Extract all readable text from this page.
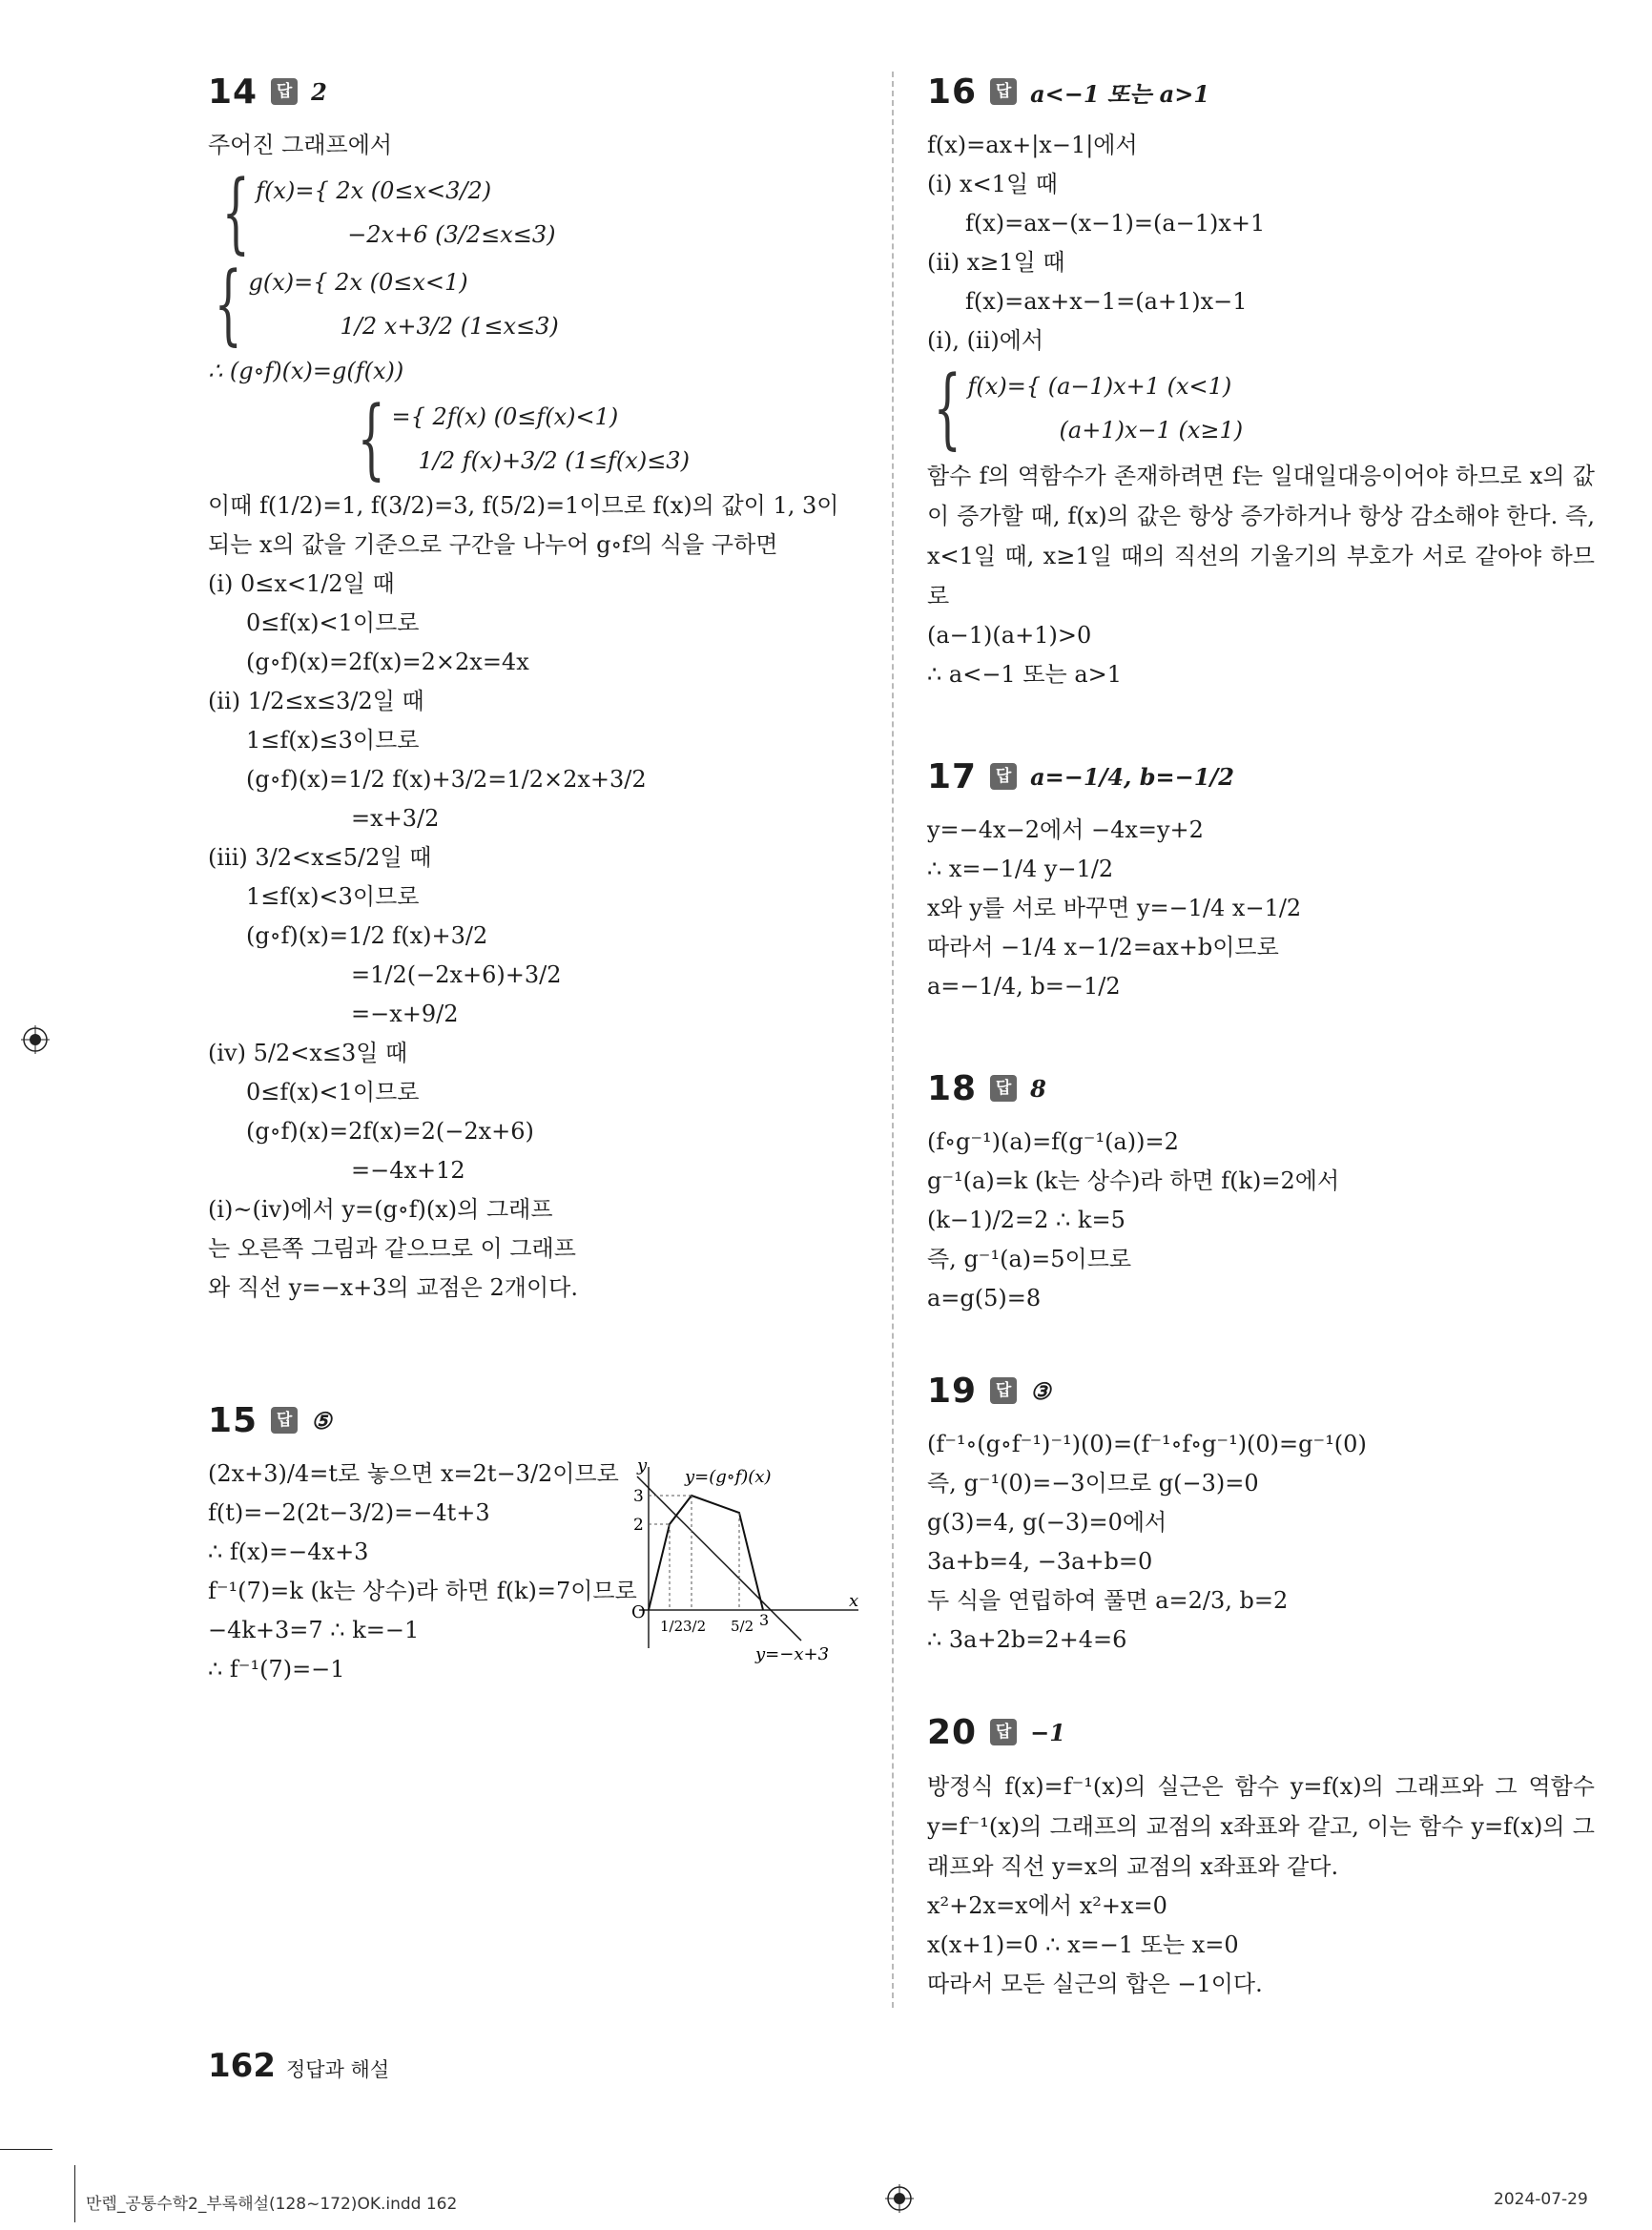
14	답 2
주어진 그래프에서

{ f(x)={ 2x (0≤x<3/2)
−2x+6 (3/2≤x≤3)
{ g(x)={ 2x (0≤x<1)
1/2 x+3/2 (1≤x≤3)
∴ (g∘f)(x)=g(f(x))
{ ={ 2f(x) (0≤f(x)<1)
1/2 f(x)+3/2 (1≤f(x)≤3)
이때 f(1/2)=1, f(3/2)=3, f(5/2)=1이므로 f(x)의 값이 1, 3이
되는 x의 값을 기준으로 구간을 나누어 g∘f의 식을 구하면
(ⅰ) 0≤x<1/2일 때
0≤f(x)<1이므로
(g∘f)(x)=2f(x)=2×2x=4x
(ⅱ) 1/2≤x≤3/2일 때
1≤f(x)≤3이므로
(g∘f)(x)=1/2 f(x)+3/2=1/2×2x+3/2
=x+3/2
(ⅲ) 3/2<x≤5/2일 때
1≤f(x)<3이므로
(g∘f)(x)=1/2 f(x)+3/2
=1/2(−2x+6)+3/2
=−x+9/2
(ⅳ) 5/2<x≤3일 때
0≤f(x)<1이므로
(g∘f)(x)=2f(x)=2(−2x+6)
=−4x+12
(ⅰ)~(ⅳ)에서 y=(g∘f)(x)의 그래프
는 오른쪽 그림과 같으므로 이 그래프
와 직선 y=−x+3의 교점은 2개이다.
15	답 ⑤
(2x+3)/4=t로 놓으면 x=2t−3/2이므로
f(t)=−2(2t−3/2)=−4t+3
∴ f(x)=−4x+3
f⁻¹(7)=k (k는 상수)라 하면 f(k)=7이므로
−4k+3=7 ∴ k=−1
∴ f⁻¹(7)=−1
y
x
O
3
2
1/2 3/2 5/2 3
y=(g∘f)(x)
y=−x+3
16	답 a<−1 또는 a>1
f(x)=ax+|x−1|에서
(ⅰ) x<1일 때
f(x)=ax−(x−1)=(a−1)x+1
(ⅱ) x≥1일 때
f(x)=ax+x−1=(a+1)x−1
(ⅰ), (ⅱ)에서
{ f(x)={ (a−1)x+1 (x<1)
(a+1)x−1 (x≥1)
함수 f의 역함수가 존재하려면 f는 일대일대응이어야 하므로 x의 값이 증가할 때, f(x)의 값은 항상 증가하거나 항상 감소해야 한다. 즉, x<1일 때, x≥1일 때의 직선의 기울기의 부호가 서로 같아야 하므로
(a−1)(a+1)>0
∴ a<−1 또는 a>1
17	답 a=−1/4, b=−1/2
y=−4x−2에서 −4x=y+2
∴ x=−1/4 y−1/2
x와 y를 서로 바꾸면 y=−1/4 x−1/2
따라서 −1/4 x−1/2=ax+b이므로
a=−1/4, b=−1/2
18	답 8
(f∘g⁻¹)(a)=f(g⁻¹(a))=2
g⁻¹(a)=k (k는 상수)라 하면 f(k)=2에서
(k−1)/2=2 ∴ k=5
즉, g⁻¹(a)=5이므로
a=g(5)=8
19	답 ③
(f⁻¹∘(g∘f⁻¹)⁻¹)(0)=(f⁻¹∘f∘g⁻¹)(0)=g⁻¹(0)
즉, g⁻¹(0)=−3이므로 g(−3)=0
g(3)=4, g(−3)=0에서
3a+b=4, −3a+b=0
두 식을 연립하여 풀면 a=2/3, b=2
∴ 3a+2b=2+4=6
20	답 −1
방정식 f(x)=f⁻¹(x)의 실근은 함수 y=f(x)의 그래프와 그 역함수 y=f⁻¹(x)의 그래프의 교점의 x좌표와 같고, 이는 함수 y=f(x)의 그래프와 직선 y=x의 교점의 x좌표와 같다.
x²+2x=x에서 x²+x=0
x(x+1)=0 ∴ x=−1 또는 x=0
따라서 모든 실근의 합은 −1이다.
162 정답과 해설
만렙_공통수학2_부록해설(128~172)OK.indd 162	2024-07-29
